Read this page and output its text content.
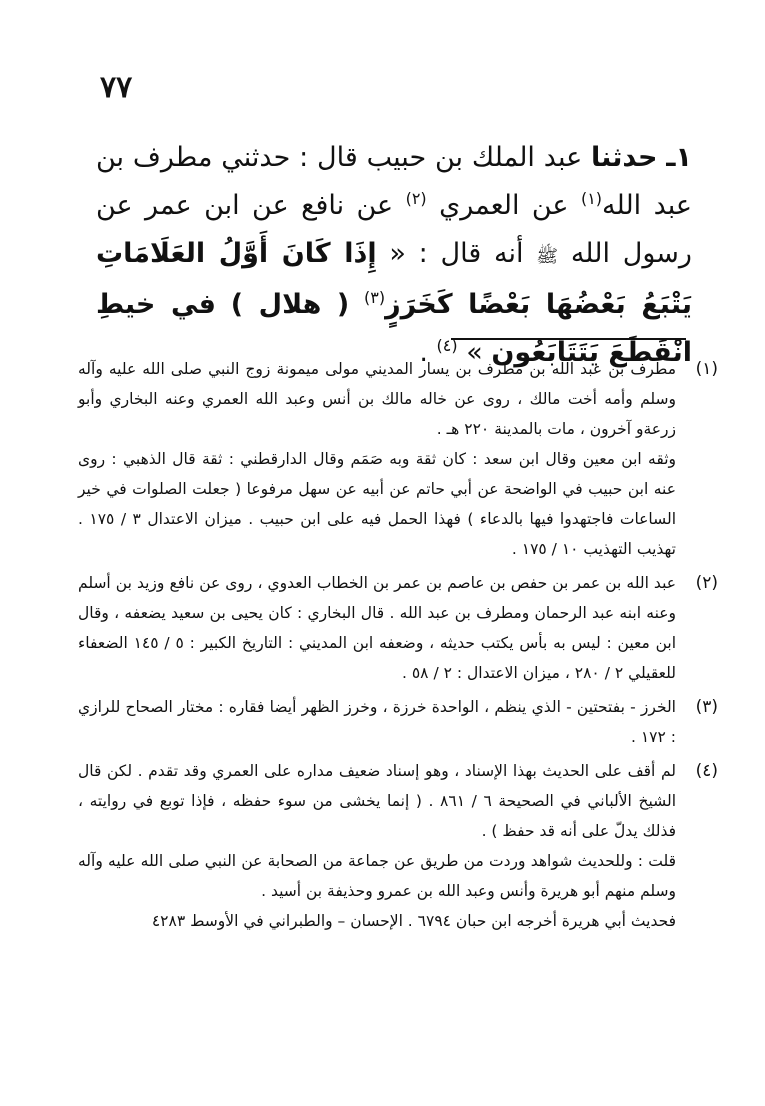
٧٧
١ـ حدثنا عبد الملك بن حبيب قال : حدثني مطرف بن عبد الله$^{(١)}$ عن العمري $^{(٢)}$ عن نافع عن ابن عمر عن رسول الله ﷺ أنه قال : « إِذَا كَانَ أَوَّلُ العَلَامَاتِ يَتْبَعُ بَعْضُهَا بَعْضًا كَخَرَزٍ$^{(٣)}$ ( هلال ) في خيطِ انْقَطَعَ يَتَتَابَعُون » $^{(٤)}$ .
(١)

مطرف بن عبد الله بن مطرف بن يسار المديني مولى ميمونة زوج النبي صلى الله عليه وآله وسلم وأمه أخت مالك ، روى عن خاله مالك بن أنس وعبد الله العمري وعنه البخاري وأبو زرعةو آخرون ، مات بالمدينة ٢٢٠ هـ .

وثقه ابن معين وقال ابن سعد : كان ثقة وبه صَمَم وقال الدارقطني : ثقة قال الذهبي : روى عنه ابن حبيب في الواضحة عن أبي حاتم عن أبيه عن سهل مرفوعا ( جعلت الصلوات في خير الساعات فاجتهدوا فيها بالدعاء ) فهذا الحمل فيه على ابن حبيب . ميزان الاعتدال ٣ / ١٧٥ . تهذيب التهذيب ١٠ / ١٧٥ .

(٢)

عبد الله بن عمر بن حفص بن عاصم بن عمر بن الخطاب العدوي ، روى عن نافع وزيد بن أسلم وعنه ابنه عبد الرحمان ومطرف بن عبد الله . قال البخاري : كان يحيى بن سعيد يضعفه ، وقال ابن معين : ليس به بأس يكتب حديثه ، وضعفه ابن المديني : التاريخ الكبير : ٥ / ١٤٥ الضعفاء للعقيلي ٢ / ٢٨٠ ، ميزان الاعتدال : ٢ / ٥٨ .

(٣)

الخرز - بفتحتين - الذي ينظم ، الواحدة خرزة ، وخرز الظهر أيضا فقاره : مختار الصحاح للرازي : ١٧٢ .

(٤)

لم أقف على الحديث بهذا الإسناد ، وهو إسناد ضعيف مداره على العمري وقد تقدم . لكن قال الشيخ الألباني في الصحيحة ٦ / ٨٦١ . ( إنما يخشى من سوء حفظه ، فإذا توبع في روايته ، فذلك يدلّ على أنه قد حفظ ) .

قلت : وللحديث شواهد وردت من طريق عن جماعة من الصحابة عن النبي صلى الله عليه وآله وسلم منهم أبو هريرة وأنس وعبد الله بن عمرو وحذيفة بن أسيد .

فحديث أبي هريرة أخرجه ابن حبان ٦٧٩٤ . الإحسان – والطبراني في الأوسط ٤٢٨٣
